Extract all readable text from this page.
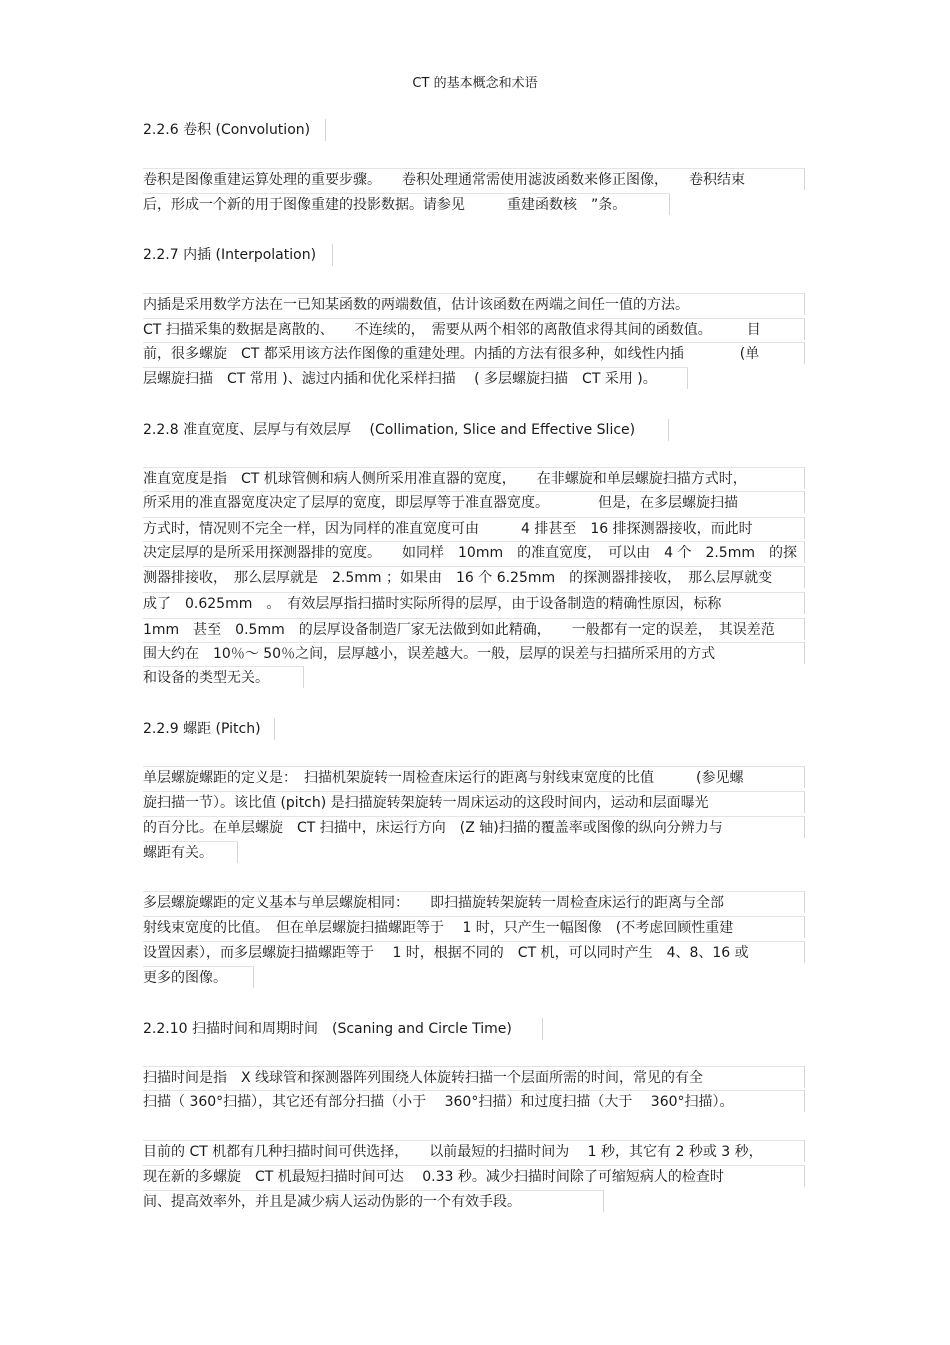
CT 的基本概念和术语
2.2.6 卷积 (Convolution)
卷积是图像重建运算处理的重要步骤。　　卷积处理通常需使用滤波函数来修正图像，　　卷积结束
后，形成一个新的用于图像重建的投影数据。请参见　　　重建函数核　”条。
2.2.7 内插 (Interpolation)
内插是采用数学方法在一已知某函数的两端数值，估计该函数在两端之间任一值的方法。
CT 扫描采集的数据是离散的、　　不连续的，　需要从两个相邻的离散值求得其间的函数值。　　　目
前，很多螺旋　CT 都采用该方法作图像的重建处理。内插的方法有很多种，如线性内插　　　　(单
层螺旋扫描　CT 常用 )、滤过内插和优化采样扫描　 ( 多层螺旋扫描　CT 采用 )。
2.2.8 准直宽度、层厚与有效层厚　 (Collimation, Slice and Effective Slice)
准直宽度是指　CT 机球管侧和病人侧所采用准直器的宽度，　　在非螺旋和单层螺旋扫描方式时，
所采用的准直器宽度决定了层厚的宽度，即层厚等于准直器宽度。　　　　但是，在多层螺旋扫描
方式时，情况则不完全一样，因为同样的准直宽度可由　　　4 排甚至　16 排探测器接收，而此时
决定层厚的是所采用探测器排的宽度。　　如同样　10mm　的准直宽度，　可以由　4 个　2.5mm　的探
测器排接收，　那么层厚就是　2.5mm ；如果由　16 个 6.25mm　的探测器排接收，　那么层厚就变
成了　0.625mm　。　有效层厚指扫描时实际所得的层厚，由于设备制造的精确性原因，标称
1mm　甚至　0.5mm　的层厚设备制造厂家无法做到如此精确，　　一般都有一定的误差，　其误差范
围大约在　10％～ 50％之间，层厚越小，误差越大。一般，层厚的误差与扫描所采用的方式
和设备的类型无关。
2.2.9 螺距 (Pitch)
单层螺旋螺距的定义是：　扫描机架旋转一周检查床运行的距离与射线束宽度的比值　　　(参见螺
旋扫描一节）。该比值 (pitch) 是扫描旋转架旋转一周床运动的这段时间内，运动和层面曝光
的百分比。在单层螺旋　CT 扫描中，床运行方向　(Z 轴)扫描的覆盖率或图像的纵向分辨力与
螺距有关。
多层螺旋螺距的定义基本与单层螺旋相同：　　即扫描旋转架旋转一周检查床运行的距离与全部
射线束宽度的比值。　但在单层螺旋扫描螺距等于　 1 时，只产生一幅图像　(不考虑回顾性重建
设置因素），而多层螺旋扫描螺距等于　 1 时，根据不同的　CT 机，可以同时产生　4、8、16 或
更多的图像。
2.2.10 扫描时间和周期时间　(Scaning and Circle Time)
扫描时间是指　X 线球管和探测器阵列围绕人体旋转扫描一个层面所需的时间，常见的有全
扫描（ 360°扫描），其它还有部分扫描（小于　 360°扫描）和过度扫描（大于　 360°扫描）。
目前的 CT 机都有几种扫描时间可供选择，　　以前最短的扫描时间为　 1 秒，其它有 2 秒或 3 秒，
现在新的多螺旋　CT 机最短扫描时间可达　 0.33 秒。减少扫描时间除了可缩短病人的检查时
间、提高效率外，并且是减少病人运动伪影的一个有效手段。
